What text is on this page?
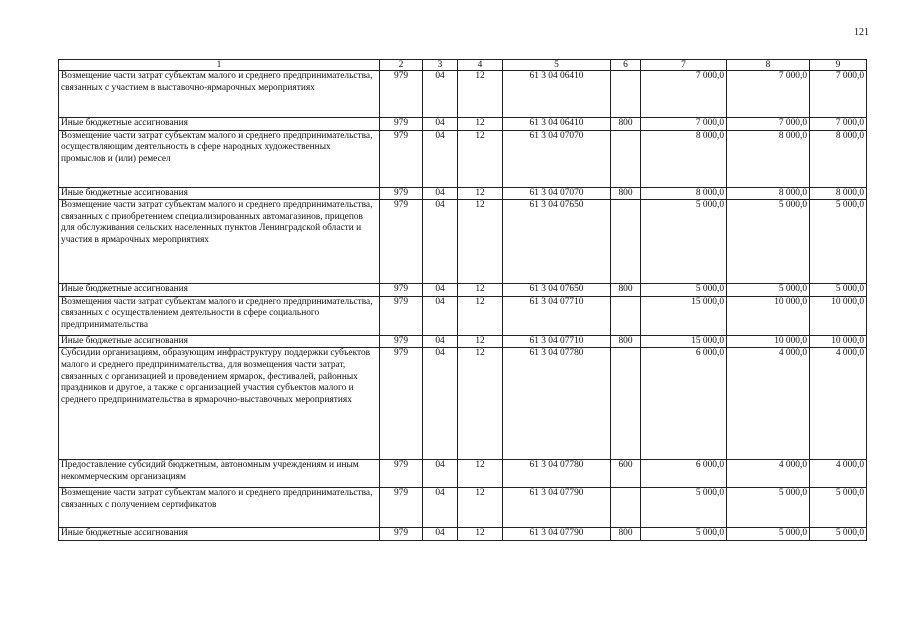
121
1	2	3	4	5	6	7	8	9
Возмещение части затрат субъектам малого и среднего предпринимательства, связанных с участием в выставочно-ярмарочных мероприятиях	979	04	12	61 3 04 06410		7 000,0	7 000,0	7 000,0
Иные бюджетные ассигнования	979	04	12	61 3 04 06410	800	7 000,0	7 000,0	7 000,0
Возмещение части затрат субъектам малого и среднего предпринимательства, осуществляющим деятельность в сфере народных художественных промыслов и (или) ремесел	979	04	12	61 3 04 07070		8 000,0	8 000,0	8 000,0
Иные бюджетные ассигнования	979	04	12	61 3 04 07070	800	8 000,0	8 000,0	8 000,0
Возмещение части затрат субъектам малого и среднего предпринимательства, связанных с приобретением специализированных автомагазинов, прицепов для обслуживания сельских населенных пунктов Ленинградской области и участия в ярмарочных мероприятиях	979	04	12	61 3 04 07650		5 000,0	5 000,0	5 000,0
Иные бюджетные ассигнования	979	04	12	61 3 04 07650	800	5 000,0	5 000,0	5 000,0
Возмещения части затрат субъектам малого и среднего предпринимательства, связанных с осуществлением деятельности в сфере социального предпринимательства	979	04	12	61 3 04 07710		15 000,0	10 000,0	10 000,0
Иные бюджетные ассигнования	979	04	12	61 3 04 07710	800	15 000,0	10 000,0	10 000,0
Субсидии организациям, образующим инфраструктуру поддержки субъектов малого и среднего предпринимательства, для возмещения части затрат, связанных с организацией и проведением ярмарок, фестивалей, районных праздников и другое, а также с организацией участия субъектов малого и среднего предпринимательства в ярмарочно-выставочных мероприятиях	979	04	12	61 3 04 07780		6 000,0	4 000,0	4 000,0
Предоставление субсидий бюджетным, автономным учреждениям и иным некоммерческим организациям	979	04	12	61 3 04 07780	600	6 000,0	4 000,0	4 000,0
Возмещение части затрат субъектам малого и среднего предпринимательства, связанных с получением сертификатов	979	04	12	61 3 04 07790		5 000,0	5 000,0	5 000,0
Иные бюджетные ассигнования	979	04	12	61 3 04 07790	800	5 000,0	5 000,0	5 000,0
